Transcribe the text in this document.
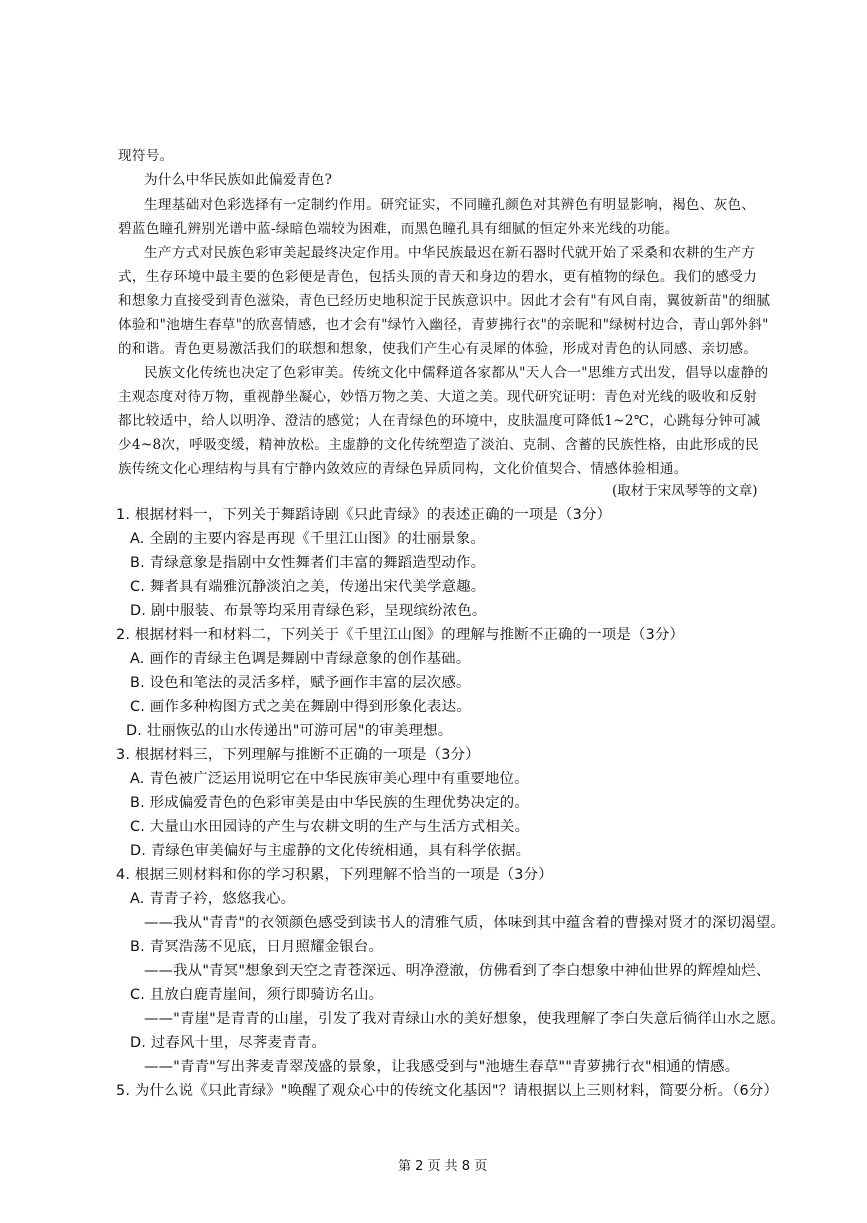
现符号。
为什么中华民族如此偏爱青色?
生理基础对色彩选择有一定制约作用。研究证实，不同瞳孔颜色对其辨色有明显影响，褐色、灰色、
碧蓝色瞳孔辨别光谱中蓝-绿暗色端较为困难，而黑色瞳孔具有细腻的恒定外来光线的功能。
生产方式对民族色彩审美起最终决定作用。中华民族最迟在新石器时代就开始了采桑和农耕的生产方
式，生存环境中最主要的色彩便是青色，包括头顶的青天和身边的碧水，更有植物的绿色。我们的感受力
和想象力直接受到青色滋染，青色已经历史地积淀于民族意识中。因此才会有"有风自南，翼彼新苗"的细腻
体验和"池塘生春草"的欣喜情感，也才会有"绿竹入幽径，青萝拂行衣"的亲昵和"绿树村边合，青山郭外斜"
的和谐。青色更易激活我们的联想和想象，使我们产生心有灵犀的体验，形成对青色的认同感、亲切感。
民族文化传统也决定了色彩审美。传统文化中儒释道各家都从"天人合一"思维方式出发，倡导以虚静的
主观态度对待万物，重视静坐凝心，妙悟万物之美、大道之美。现代研究证明：青色对光线的吸收和反射
都比较适中，给人以明净、澄洁的感觉；人在青绿色的环境中，皮肤温度可降低1~2℃，心跳每分钟可减
少4~8次，呼吸变缓，精神放松。主虚静的文化传统塑造了淡泊、克制、含蓄的民族性格，由此形成的民
族传统文化心理结构与具有宁静内敛效应的青绿色异质同构，文化价值契合、情感体验相通。
(取材于宋凤琴等的文章)
1. 根据材料一，下列关于舞蹈诗剧《只此青绿》的表述正确的一项是（3分）
A. 全剧的主要内容是再现《千里江山图》的壮丽景象。
B. 青绿意象是指剧中女性舞者们丰富的舞蹈造型动作。
C. 舞者具有端雅沉静淡泊之美，传递出宋代美学意趣。
D. 剧中服装、布景等均采用青绿色彩，呈现缤纷浓色。
2. 根据材料一和材料二，下列关于《千里江山图》的理解与推断不正确的一项是（3分）
A. 画作的青绿主色调是舞剧中青绿意象的创作基础。
B. 设色和笔法的灵活多样，赋予画作丰富的层次感。
C. 画作多种构图方式之美在舞剧中得到形象化表达。
D. 壮丽恢弘的山水传递出"可游可居"的审美理想。
3. 根据材料三，下列理解与推断不正确的一项是（3分）
A. 青色被广泛运用说明它在中华民族审美心理中有重要地位。
B. 形成偏爱青色的色彩审美是由中华民族的生理优势决定的。
C. 大量山水田园诗的产生与农耕文明的生产与生活方式相关。
D. 青绿色审美偏好与主虚静的文化传统相通，具有科学依据。
4. 根据三则材料和你的学习积累，下列理解不恰当的一项是（3分）
A. 青青子衿，悠悠我心。
——我从"青青"的衣领颜色感受到读书人的清雅气质，体味到其中蕴含着的曹操对贤才的深切渴望。
B. 青冥浩荡不见底，日月照耀金银台。
——我从"青冥"想象到天空之青苍深远、明净澄澈，仿佛看到了李白想象中神仙世界的辉煌灿烂、
C. 且放白鹿青崖间，须行即骑访名山。
——"青崖"是青青的山崖，引发了我对青绿山水的美好想象，使我理解了李白失意后徜徉山水之愿。
D. 过春风十里，尽荠麦青青。
——"青青"写出荠麦青翠茂盛的景象，让我感受到与"池塘生春草""青萝拂行衣"相通的情感。
5. 为什么说《只此青绿》"唤醒了观众心中的传统文化基因"？请根据以上三则材料，简要分析。（6分）
第 2 页 共 8 页
